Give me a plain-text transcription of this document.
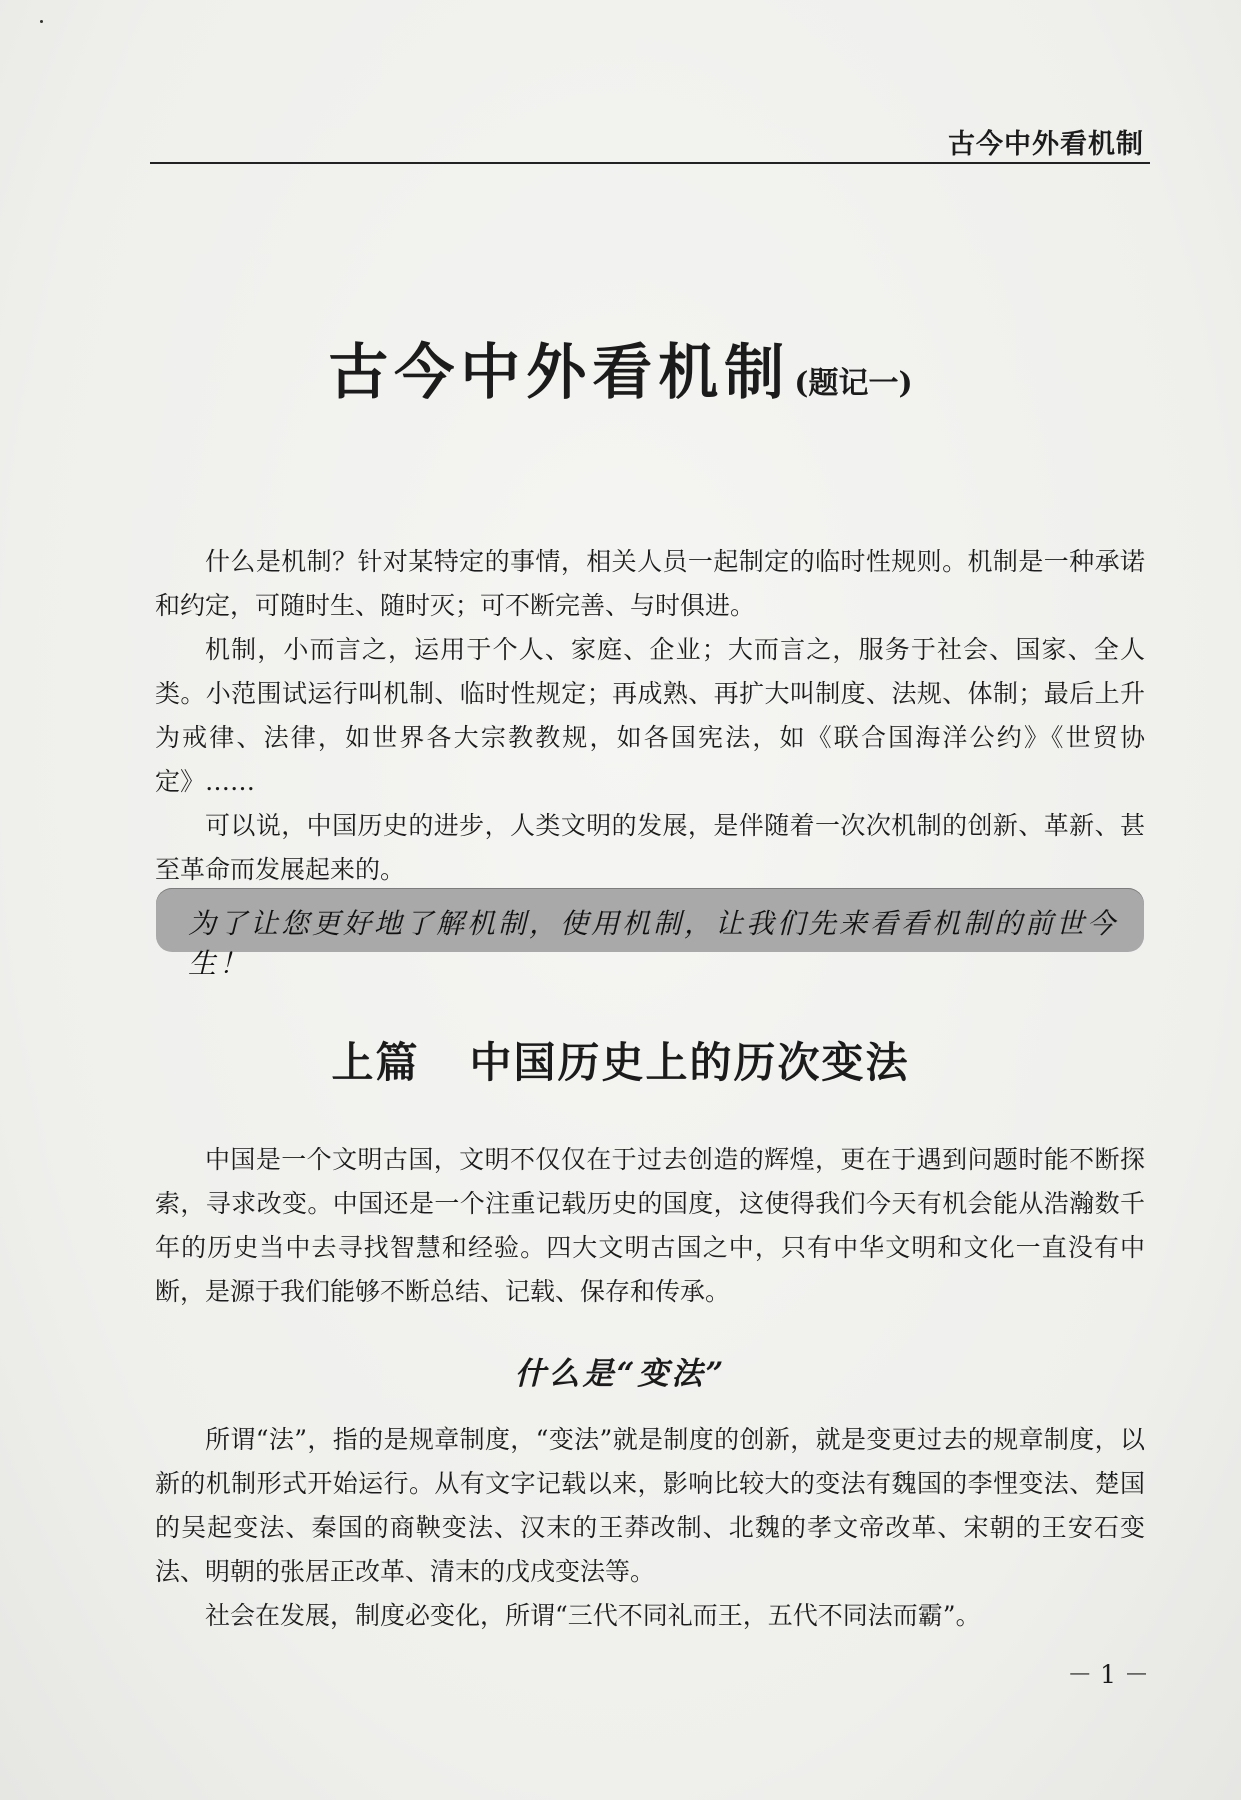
古今中外看机制
古今中外看机制 (题记一)

什么是机制？针对某特定的事情，相关人员一起制定的临时性规则。机制是一种承诺和约定，可随时生、随时灭；可不断完善、与时俱进。

机制，小而言之，运用于个人、家庭、企业；大而言之，服务于社会、国家、全人类。小范围试运行叫机制、临时性规定；再成熟、再扩大叫制度、法规、体制；最后上升为戒律、法律，如世界各大宗教教规，如各国宪法，如《联合国海洋公约》《世贸协定》……

可以说，中国历史的进步，人类文明的发展，是伴随着一次次机制的创新、革新、甚至革命而发展起来的。

为了让您更好地了解机制，使用机制，让我们先来看看机制的前世今生！
上篇 中国历史上的历次变法

中国是一个文明古国，文明不仅仅在于过去创造的辉煌，更在于遇到问题时能不断探索，寻求改变。中国还是一个注重记载历史的国度，这使得我们今天有机会能从浩瀚数千年的历史当中去寻找智慧和经验。四大文明古国之中，只有中华文明和文化一直没有中断，是源于我们能够不断总结、记载、保存和传承。

什么是“变法”

所谓“法”，指的是规章制度，“变法”就是制度的创新，就是变更过去的规章制度，以新的机制形式开始运行。从有文字记载以来，影响比较大的变法有魏国的李悝变法、楚国的吴起变法、秦国的商鞅变法、汉末的王莽改制、北魏的孝文帝改革、宋朝的王安石变法、明朝的张居正改革、清末的戊戌变法等。

社会在发展，制度必变化，所谓“三代不同礼而王，五代不同法而霸”。

－ 1 －
